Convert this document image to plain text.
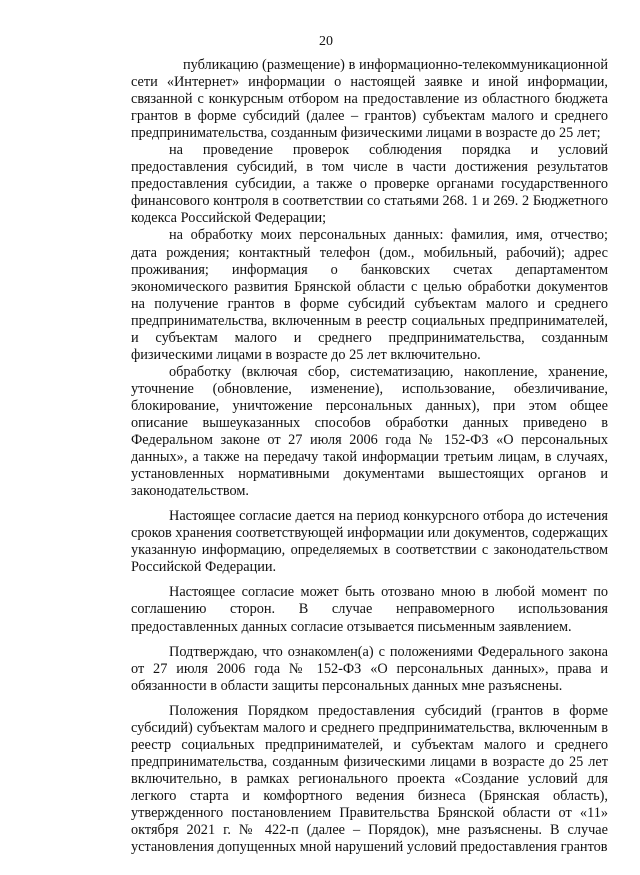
20

публикацию (размещение) в информационно-телекоммуникационной сети «Интернет» информации о настоящей заявке и иной информации, связанной с конкурсным отбором на предоставление из областного бюджета грантов в форме субсидий (далее – грантов) субъектам малого и среднего предпринимательства, созданным физическими лицами в возрасте до 25 лет;

на проведение проверок соблюдения порядка и условий предоставления субсидий, в том числе в части достижения результатов предоставления субсидии, а также о проверке органами государственного финансового контроля в соответствии со статьями 268. 1 и 269. 2 Бюджетного кодекса Российской Федерации;

на обработку моих персональных данных: фамилия, имя, отчество; дата рождения; контактный телефон (дом., мобильный, рабочий); адрес проживания; информация о банковских счетах департаментом экономического развития Брянской области с целью обработки документов на получение грантов в форме субсидий субъектам малого и среднего предпринимательства, включенным в реестр социальных предпринимателей, и субъектам малого и среднего предпринимательства, созданным физическими лицами в возрасте до 25 лет включительно.

обработку (включая сбор, систематизацию, накопление, хранение, уточнение (обновление, изменение), использование, обезличивание, блокирование, уничтожение персональных данных), при этом общее описание вышеуказанных способов обработки данных приведено в Федеральном законе от 27 июля 2006 года № 152-ФЗ «О персональных данных», а также на передачу такой информации третьим лицам, в случаях, установленных нормативными документами вышестоящих органов и законодательством.

Настоящее согласие дается на период конкурсного отбора до истечения сроков хранения соответствующей информации или документов, содержащих указанную информацию, определяемых в соответствии с законодательством Российской Федерации.

Настоящее согласие может быть отозвано мною в любой момент по соглашению сторон. В случае неправомерного использования предоставленных данных согласие отзывается письменным заявлением.

Подтверждаю, что ознакомлен(а) с положениями Федерального закона от 27 июля 2006 года № 152-ФЗ «О персональных данных», права и обязанности в области защиты персональных данных мне разъяснены.

Положения Порядком предоставления субсидий (грантов в форме субсидий) субъектам малого и среднего предпринимательства, включенным в реестр социальных предпринимателей, и субъектам малого и среднего предпринимательства, созданным физическими лицами в возрасте до 25 лет включительно, в рамках регионального проекта «Создание условий для легкого старта и комфортного ведения бизнеса (Брянская область), утвержденного постановлением Правительства Брянской области от «11» октября 2021 г. № 422-п (далее – Порядок), мне разъяснены. В случае установления допущенных мной нарушений условий предоставления грантов
